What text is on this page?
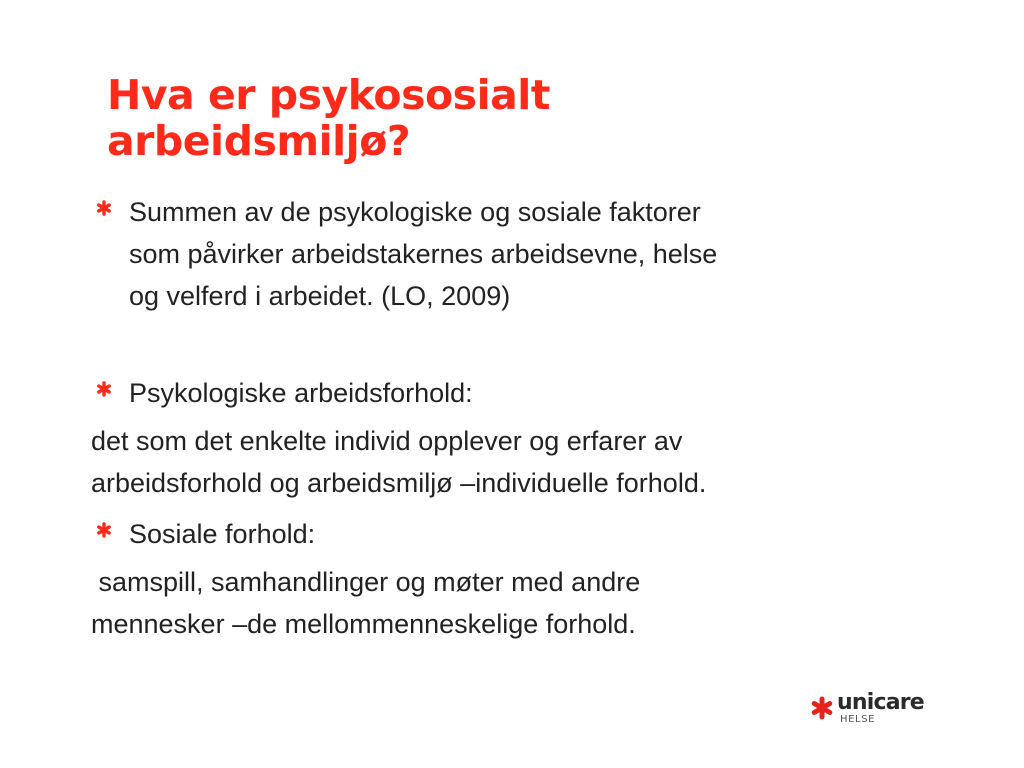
Hva er psykososialt
arbeidsmiljø?
Summen av de psykologiske og sosiale faktorer
som påvirker arbeidstakernes arbeidsevne, helse
og velferd i arbeidet. (LO, 2009)
Psykologiske arbeidsforhold:
det som det enkelte individ opplever og erfarer av
arbeidsforhold og arbeidsmiljø –individuelle forhold.
Sosiale forhold:
samspill, samhandlinger og møter med andre
mennesker –de mellommenneskelige forhold.
unicare
HELSE
